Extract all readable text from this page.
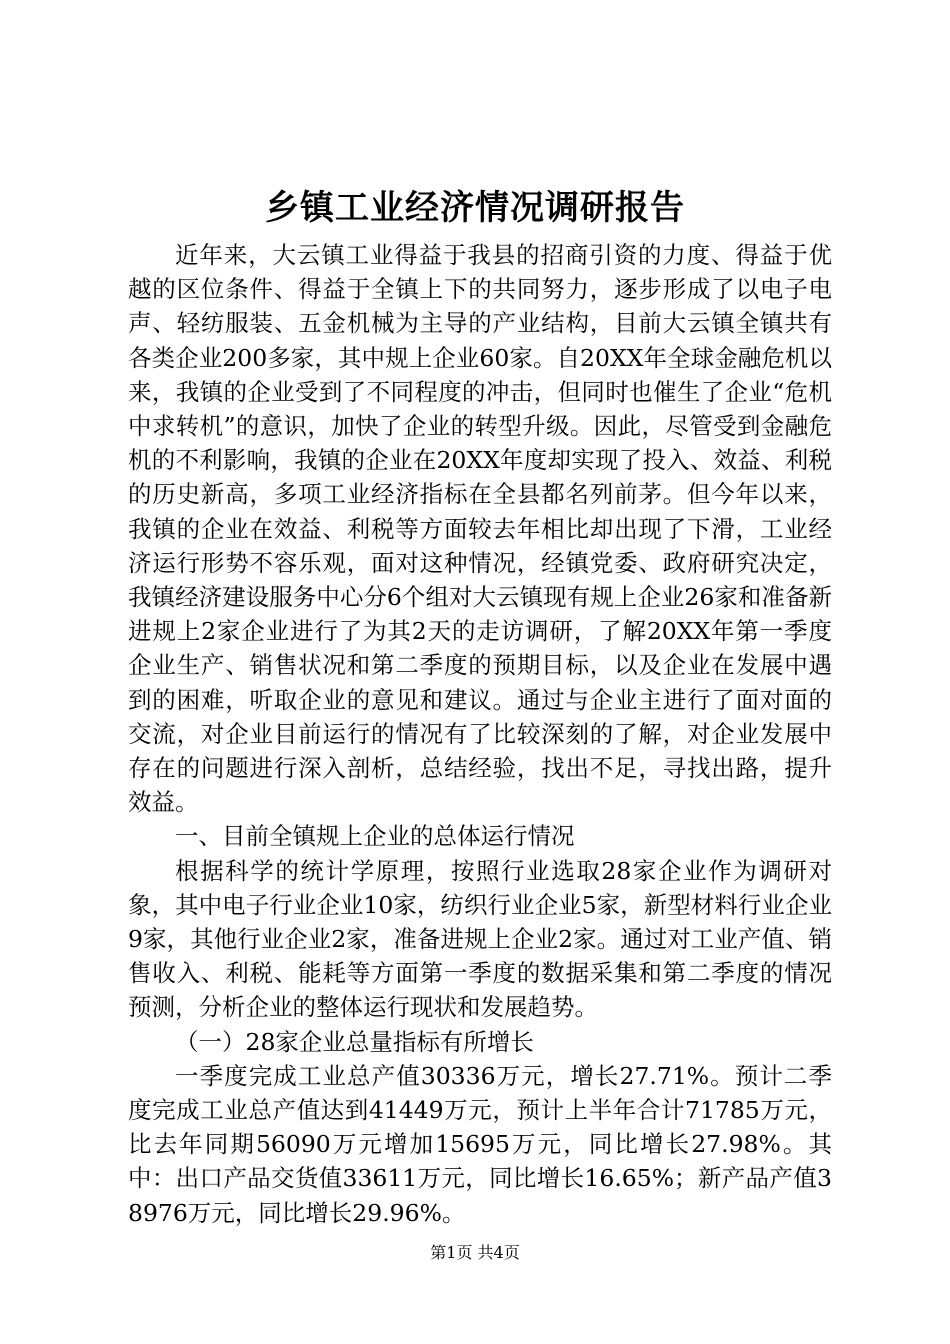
乡镇工业经济情况调研报告

近年来，大云镇工业得益于我县的招商引资的力度、得益于优越的区位条件、得益于全镇上下的共同努力，逐步形成了以电子电声、轻纺服装、五金机械为主导的产业结构，目前大云镇全镇共有各类企业200多家，其中规上企业60家。自20XX年全球金融危机以来，我镇的企业受到了不同程度的冲击，但同时也催生了企业“危机中求转机”的意识，加快了企业的转型升级。因此，尽管受到金融危机的不利影响，我镇的企业在20XX年度却实现了投入、效益、利税的历史新高，多项工业经济指标在全县都名列前茅。但今年以来，我镇的企业在效益、利税等方面较去年相比却出现了下滑，工业经济运行形势不容乐观，面对这种情况，经镇党委、政府研究决定，我镇经济建设服务中心分6个组对大云镇现有规上企业26家和准备新进规上2家企业进行了为其2天的走访调研，了解20XX年第一季度企业生产、销售状况和第二季度的预期目标，以及企业在发展中遇到的困难，听取企业的意见和建议。通过与企业主进行了面对面的交流，对企业目前运行的情况有了比较深刻的了解，对企业发展中存在的问题进行深入剖析，总结经验，找出不足，寻找出路，提升效益。

一、目前全镇规上企业的总体运行情况

根据科学的统计学原理，按照行业选取28家企业作为调研对象，其中电子行业企业10家，纺织行业企业5家，新型材料行业企业9家，其他行业企业2家，准备进规上企业2家。通过对工业产值、销售收入、利税、能耗等方面第一季度的数据采集和第二季度的情况预测，分析企业的整体运行现状和发展趋势。

（一）28家企业总量指标有所增长

一季度完成工业总产值30336万元，增长27.71%。预计二季度完成工业总产值达到41449万元，预计上半年合计71785万元，比去年同期56090万元增加15695万元，同比增长27.98%。其中：出口产品交货值33611万元，同比增长16.65%；新产品产值38976万元，同比增长29.96%。

第1页 共4页
